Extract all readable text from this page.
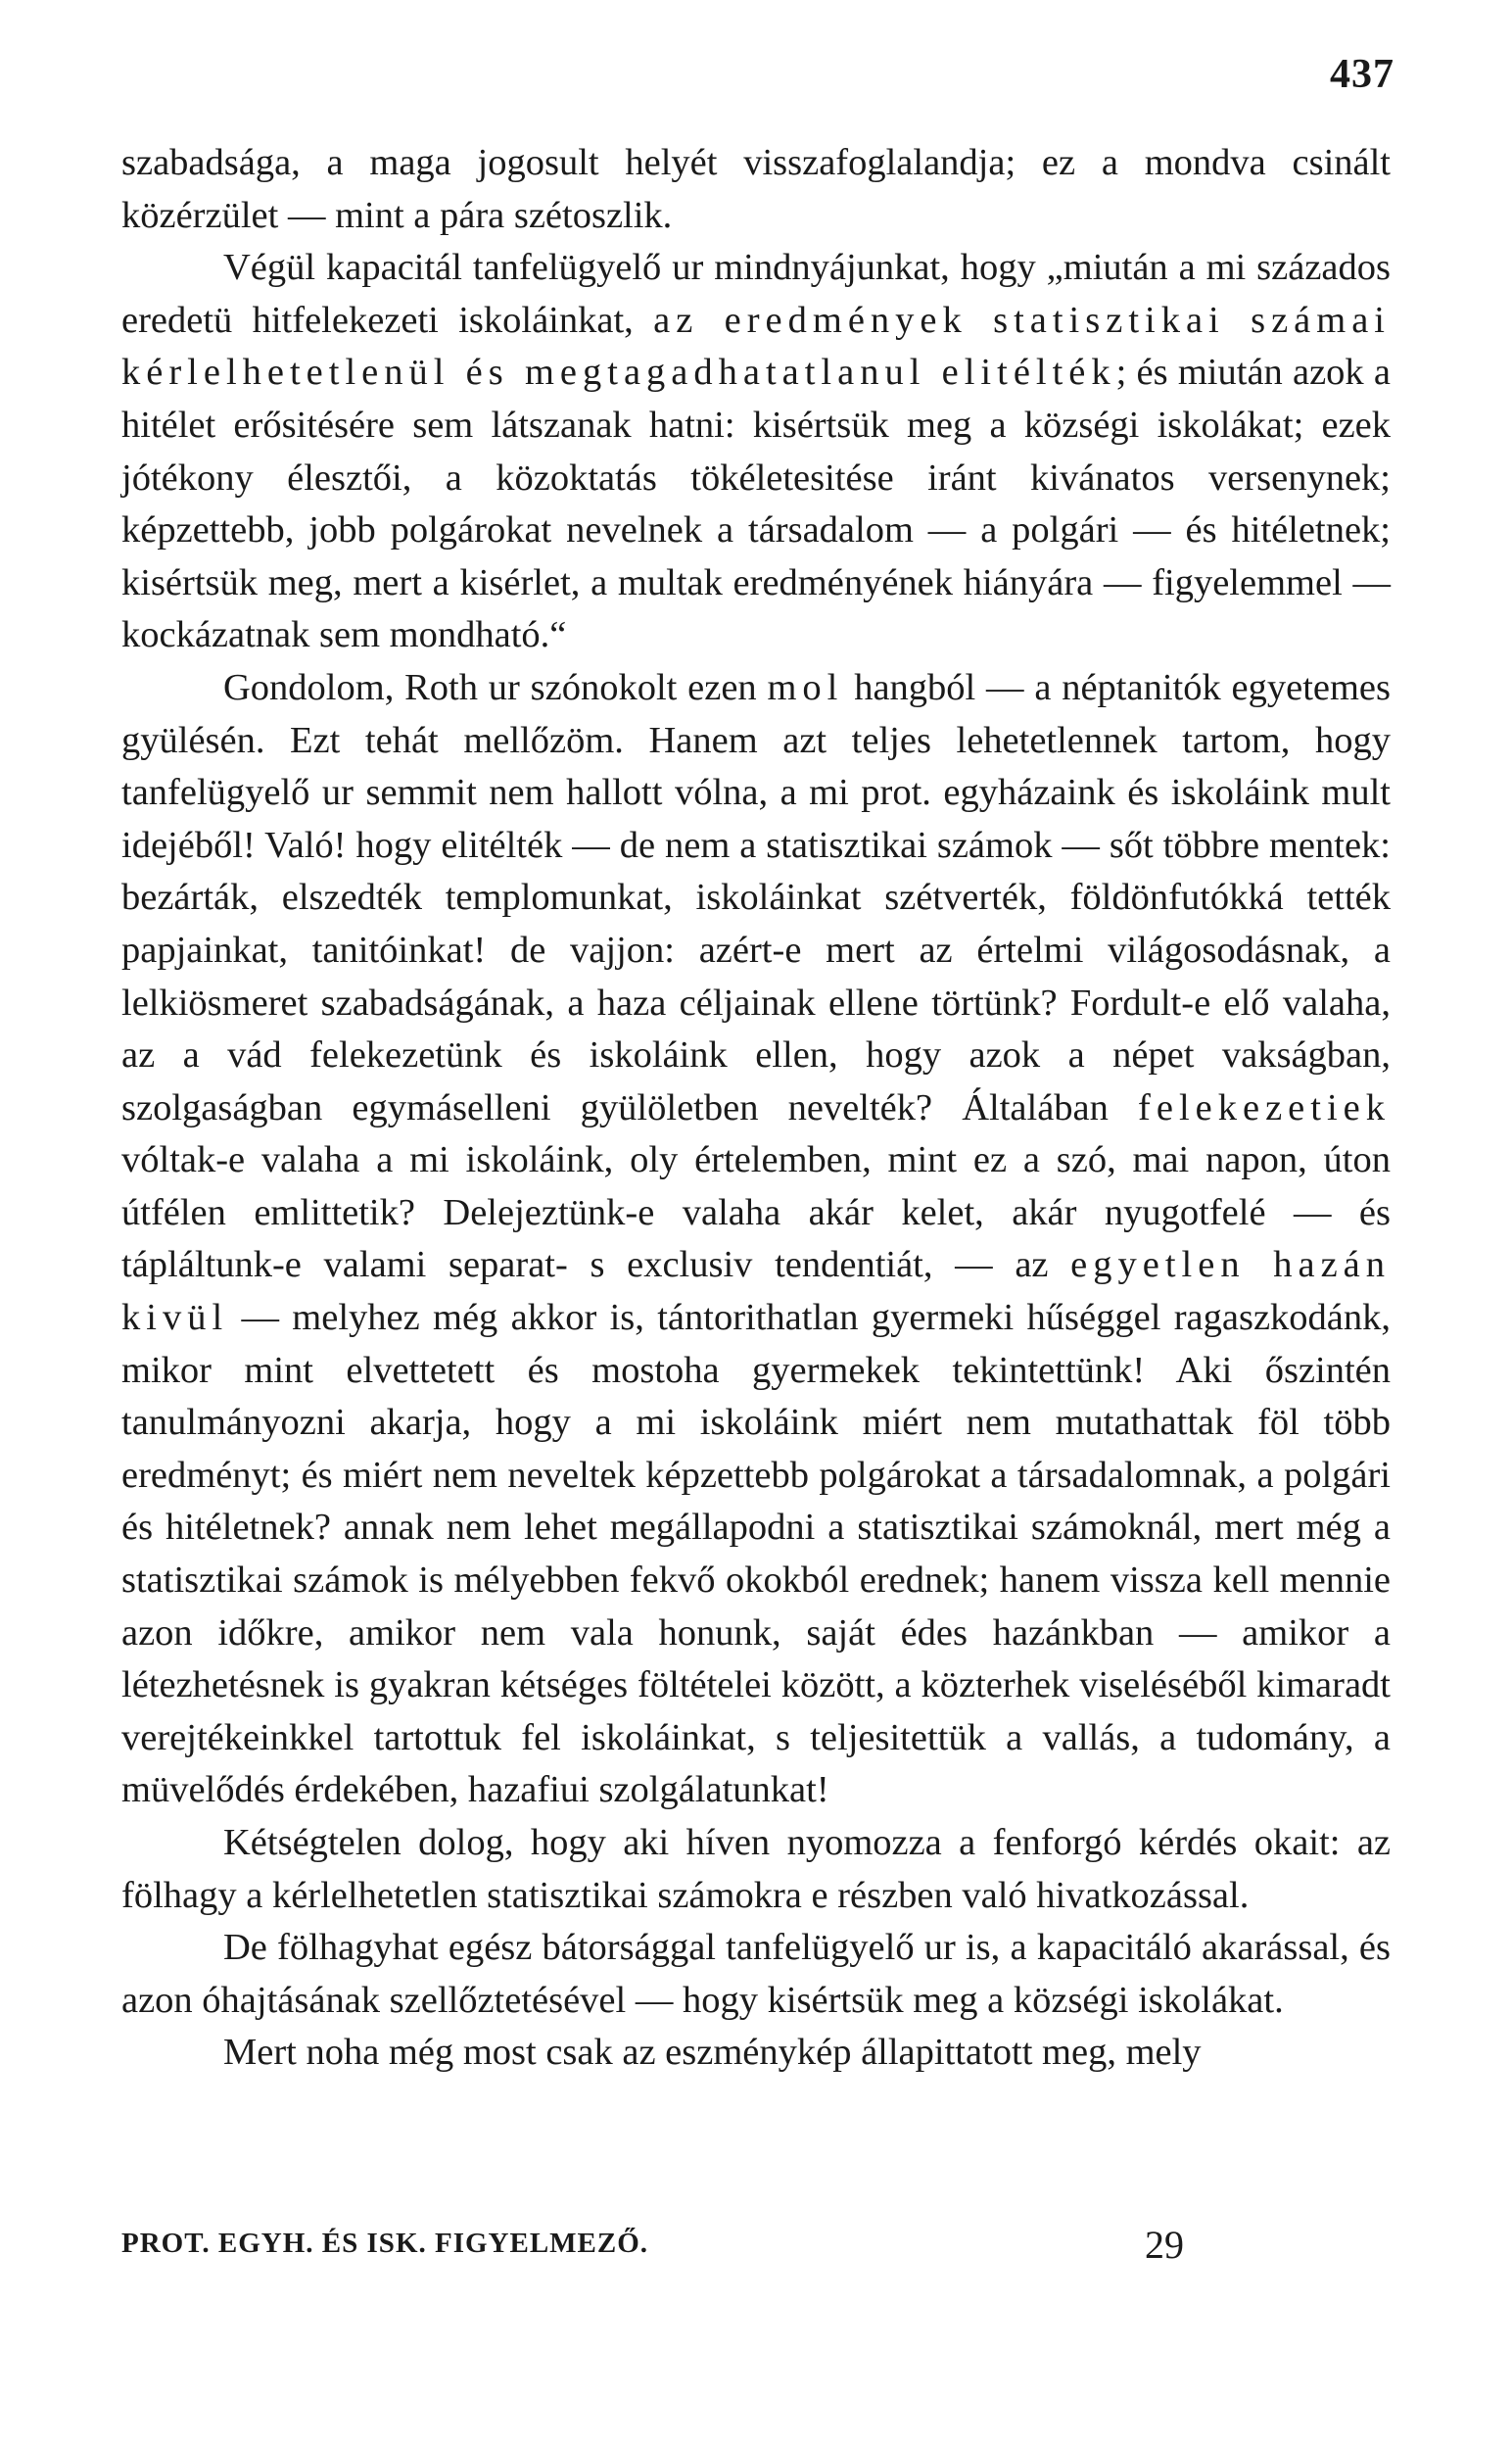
437

szabadsága, a maga jogosult helyét visszafoglalandja; ez a mondva csinált közérzület — mint a pára szétoszlik.

Végül kapacitál tanfelügyelő ur mindnyájunkat, hogy „miután a mi százados eredetü hitfelekezeti iskoláinkat, az eredmények statisztikai számai kérlelhetetlenül és megtagadhatatlanul elitélték; és miután azok a hitélet erősitésére sem látszanak hatni: kisértsük meg a községi iskolákat; ezek jótékony élesztői, a közoktatás tökéletesitése iránt kivánatos versenynek; képzettebb, jobb polgárokat nevelnek a társadalom — a polgári — és hitéletnek; kisértsük meg, mert a kisérlet, a multak eredményének hiányára — figyelemmel — kockázatnak sem mondható.“

Gondolom, Roth ur szónokolt ezen mol hangból — a néptanitók egyetemes gyülésén. Ezt tehát mellőzöm. Hanem azt teljes lehetetlennek tartom, hogy tanfelügyelő ur semmit nem hallott vólna, a mi prot. egyházaink és iskoláink mult idejéből! Való! hogy elitélték — de nem a statisztikai számok — sőt többre mentek: bezárták, elszedték templomunkat, iskoláinkat szétverték, földönfutókká tették papjainkat, tanitóinkat! de vajjon: azért-e mert az értelmi világosodásnak, a lelkiösmeret szabadságának, a haza céljainak ellene törtünk? Fordult-e elő valaha, az a vád felekezetünk és iskoláink ellen, hogy azok a népet vakságban, szolgaságban egymásellenі gyülöletben nevelték? Általában felekezetiek vóltak-e valaha a mi iskoláink, oly értelemben, mint ez a szó, mai napon, úton útfélen emlittetik? Delejeztünk-e valaha akár kelet, akár nyugotfelé — és tápláltunk-e valami separat- s exclusiv tendentiát, — az egyetlen hazán kivül — melyhez még akkor is, tántorithatlan gyermeki hűséggel ragaszkodánk, mikor mint elvettetett és mostoha gyermekek tekintettünk! Aki őszintén tanulmányozni akarja, hogy a mi iskoláink miért nem mutathattak föl több eredményt; és miért nem neveltek képzettebb polgárokat a társadalomnak, a polgári és hitéletnek? annak nem lehet megállapodni a statisztikai számoknál, mert még a statisztikai számok is mélyebben fekvő okokból erednek; hanem vissza kell mennie azon időkre, amikor nem vala honunk, saját édes hazánkban — amikor a létezhetésnek is gyakran kétséges föltételei között, a közterhek viseléséből kimaradt verejtékeinkkel tartottuk fel iskoláinkat, s teljesitettük a vallás, a tudomány, a müvelődés érdekében, hazafiui szolgálatunkat!

Kétségtelen dolog, hogy aki híven nyomozza a fenforgó kérdés okait: az fölhagy a kérlelhetetlen statisztikai számokra e részben való hivatkozással.

De fölhagyhat egész bátorsággal tanfelügyelő ur is, a kapacitáló akarással, és azon óhajtásának szellőztetésével — hogy kisértsük meg a községi iskolákat.

Mert noha még most csak az eszménykép állapittatott meg, mely

PROT. EGYH. ÉS ISK. FIGYELMEZŐ.	29
